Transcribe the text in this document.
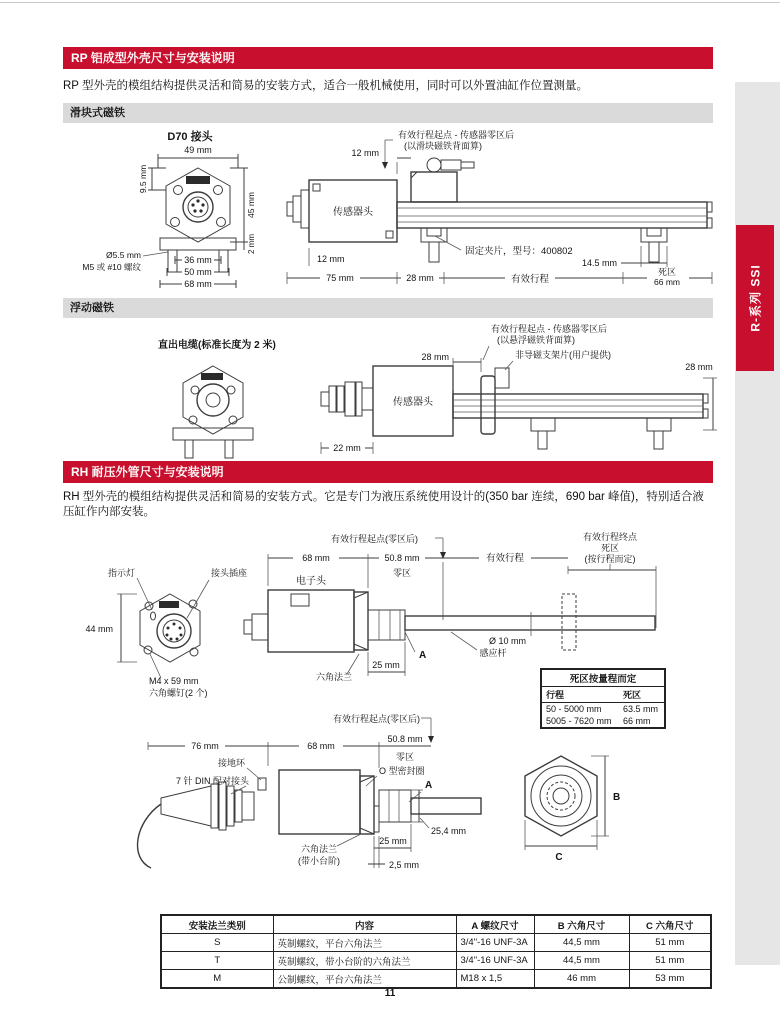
RP 铝成型外壳尺寸与安装说明
RP 型外壳的模组结构提供灵活和简易的安装方式，适合一般机械使用，同时可以外置油缸作位置测量。
滑块式磁铁
D70 接头
49 mm
9.5 mm
45 mm
2 mm
36 mm
50 mm
68 mm
Ø5.5 mm
M5 或 #10 螺纹
有效行程起点 - 传感器零区后
(以滑块磁铁背面算)
12 mm
传感器头
固定夹片，型号：400802
14.5 mm
12 mm
75 mm	28 mm	有效行程
死区
66 mm
浮动磁铁
直出电缆(标准长度为 2 米)
传感器头
28 mm
有效行程起点 - 传感器零区后
(以悬浮磁铁背面算)
非导磁支架片(用户提供)
28 mm
22 mm
RH 耐压外管尺寸与安装说明
RH 型外壳的模组结构提供灵活和简易的安装方式。它是专门为液压系统使用设计的(350 bar 连续，690 bar 峰值)，特别适合液压缸作内部安装。
指示灯	接头插座
44 mm
M4 x 59 mm
六角螺钉(2 个)
电子头
68 mm	50.8 mm
零区
有效行程起点(零区后)
有效行程
有效行程终点
死区
(按行程而定)
A
25 mm
六角法兰
Ø 10 mm
感应杆
死区按量程而定	
行程	死区
50 - 5000 mm	63.5 mm
5005 - 7620 mm	66 mm
有效行程起点(零区后)
76 mm	68 mm
50.8 mm
零区
O 型密封圈
A
接地环
7 针 DIN 配对接头
25,4 mm
25 mm
六角法兰
(带小台阶)	2,5 mm
B
C
安装法兰类别	内容	A 螺纹尺寸	B 六角尺寸	C 六角尺寸
S	英制螺纹，平台六角法兰	3/4"-16 UNF-3A	44,5 mm	51 mm
T	英制螺纹，带小台阶的六角法兰	3/4"-16 UNF-3A	44,5 mm	51 mm
M	公制螺纹，平台六角法兰	M18 x 1,5	46 mm	53 mm
11
R-系列 SSI
